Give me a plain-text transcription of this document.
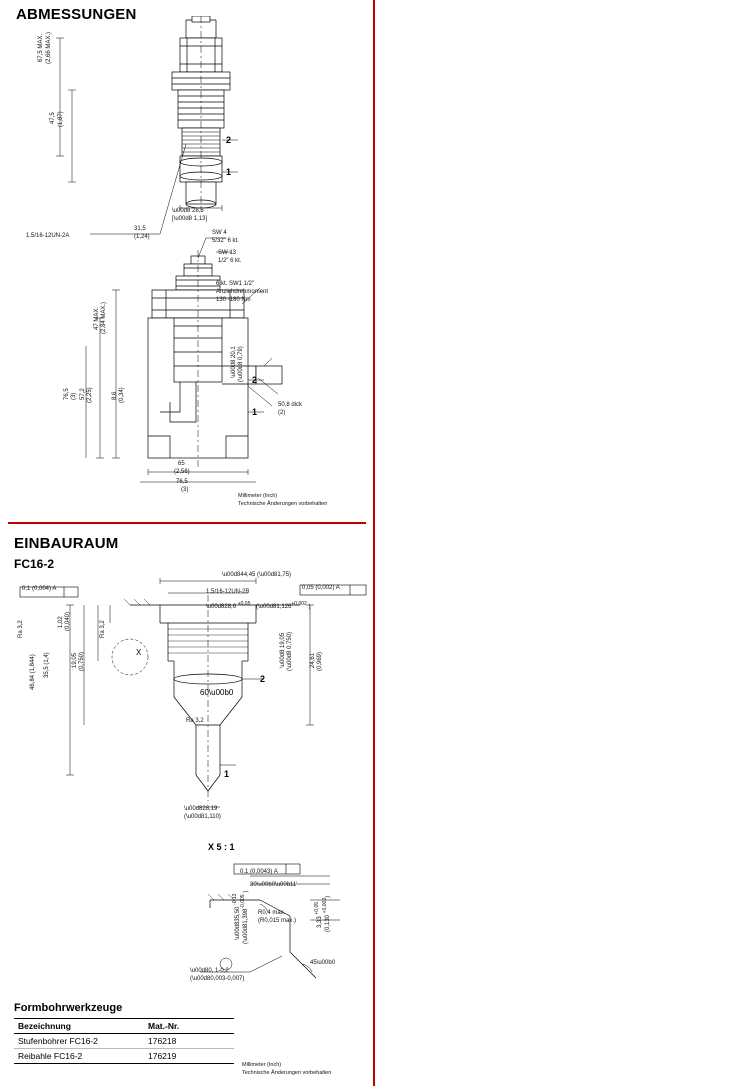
ABMESSUNGEN
2
1
67,5 MAX. (2,66 MAX.)
47,5 (1,87)
\u00d8 28,6
[\u00d8 1,13]
1.5/16-12UN-2A
2
1
SW 4
5/32" 6 kt.
SW 13
1/2" 6 kt.
31,5
(1,24)
6 kt. SW1 1/2"
Anziehdrehmoment
130 -180 Nm
47 MAX. (2,84 MAX.)
\u00d8 20,1 (\u00d8 0,79)
57,2 (2,25)
76,5 (3)	8,6 (0,34)
50,8 dick
(2)
65
(2,56)
76,5
(3)
Millimeter (Inch)
Technische Änderungen vorbehalten
EINBAURAUM
FC16-2
2
1
X
60\u00b0
\u00d844,45 (\u00d81,75)
1.5/16-12UN-2B
\u00d828,6 $^{+0,05}$ ($\backslash u00d81,126^{+0,002}$ )
0,1 (0,004) A	0,05 (0,002) A
Ra 3,2	Ra 3,2
1,02 (0,040)
19,05 (0,750)
35,5 (1,4)
46,84 (1,844)
\u00d8 19,05 (\u00d8 0,750)	24,61 (0,969)
Ra 3,2
\u00d828,19
(\u00d81,110)
X 5 : 1
0,1 (0,0043) A
30\u00b0\u00b11'
\u00d835,50 $^{-0,13}$
($\backslash u00d81,398^{-0,005}$ )
R0,4 max.
(R0,015 max.)	3,33 $^{+0,05}$
(0,130 $^{+0,002}$)
45\u00b0
\u00d80, 1-0,2
(\u00d80,003-0,007)
Millimeter (Inch)
Technische Änderungen vorbehalten
Formbohrwerkzeuge
Bezeichnung	Mat.-Nr.
Stufenbohrer FC16-2	176218
Reibahle FC16-2	176219
